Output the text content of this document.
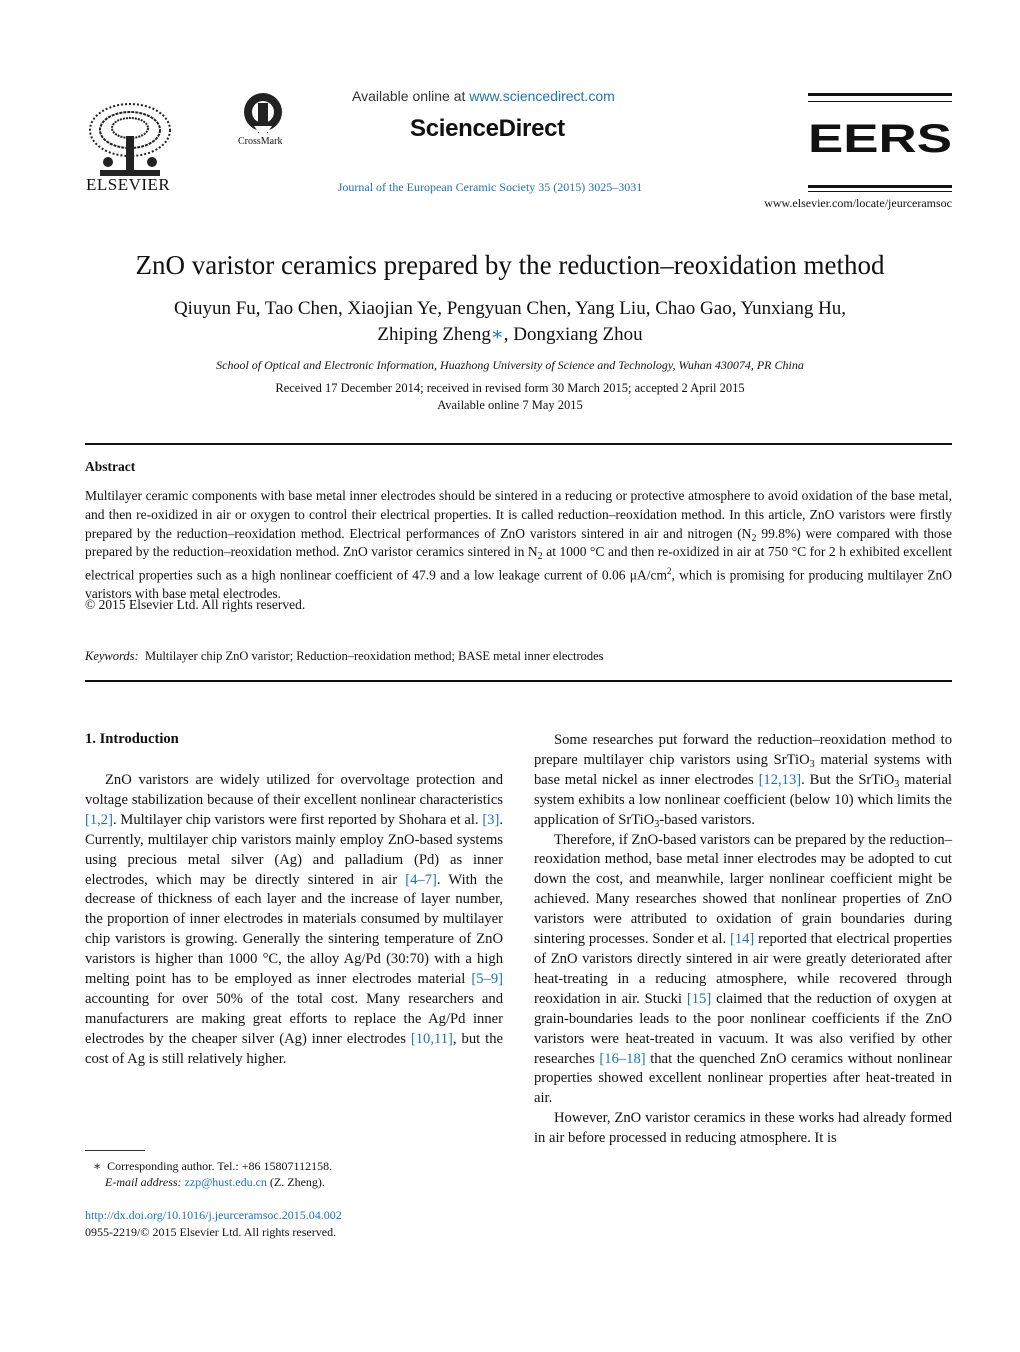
ELSEVIER
CrossMark
Available online at www.sciencedirect.com
ScienceDirect
Journal of the European Ceramic Society 35 (2015) 3025–3031
EERS
www.elsevier.com/locate/jeurceramsoc
ZnO varistor ceramics prepared by the reduction–reoxidation method
Qiuyun Fu, Tao Chen, Xiaojian Ye, Pengyuan Chen, Yang Liu, Chao Gao, Yunxiang Hu,
Zhiping Zheng∗, Dongxiang Zhou
School of Optical and Electronic Information, Huazhong University of Science and Technology, Wuhan 430074, PR China
Received 17 December 2014; received in revised form 30 March 2015; accepted 2 April 2015
Available online 7 May 2015
Abstract

Multilayer ceramic components with base metal inner electrodes should be sintered in a reducing or protective atmosphere to avoid oxidation of the base metal, and then re-oxidized in air or oxygen to control their electrical properties. It is called reduction–reoxidation method. In this article, ZnO varistors were firstly prepared by the reduction–reoxidation method. Electrical performances of ZnO varistors sintered in air and nitrogen ($N_2$ 99.8%) were compared with those prepared by the reduction–reoxidation method. ZnO varistor ceramics sintered in $N_2$ at 1000 °C and then re-oxidized in air at 750 °C for 2 h exhibited excellent electrical properties such as a high nonlinear coefficient of 47.9 and a low leakage current of 0.06 $\mu A/cm^2$, which is promising for producing multilayer ZnO varistors with base metal electrodes.

© 2015 Elsevier Ltd. All rights reserved.
Keywords: Multilayer chip ZnO varistor; Reduction–reoxidation method; BASE metal inner electrodes
1. Introduction

ZnO varistors are widely utilized for overvoltage protection and voltage stabilization because of their excellent nonlinear characteristics [1,2]. Multilayer chip varistors were first reported by Shohara et al. [3]. Currently, multilayer chip varistors mainly employ ZnO-based systems using precious metal silver (Ag) and palladium (Pd) as inner electrodes, which may be directly sintered in air [4–7]. With the decrease of thickness of each layer and the increase of layer number, the proportion of inner electrodes in materials consumed by multilayer chip varistors is growing. Generally the sintering temperature of ZnO varistors is higher than 1000 °C, the alloy Ag/Pd (30:70) with a high melting point has to be employed as inner electrodes material [5–9] accounting for over 50% of the total cost. Many researchers and manufacturers are making great efforts to replace the Ag/Pd inner electrodes by the cheaper silver (Ag) inner electrodes [10,11], but the cost of Ag is still relatively higher.

Some researches put forward the reduction–reoxidation method to prepare multilayer chip varistors using SrTiO$_3$ material systems with base metal nickel as inner electrodes [12,13]. But the SrTiO$_3$ material system exhibits a low nonlinear coefficient (below 10) which limits the application of SrTiO$_3$-based varistors.

Therefore, if ZnO-based varistors can be prepared by the reduction–reoxidation method, base metal inner electrodes may be adopted to cut down the cost, and meanwhile, larger nonlinear coefficient might be achieved. Many researches showed that nonlinear properties of ZnO varistors were attributed to oxidation of grain boundaries during sintering processes. Sonder et al. [14] reported that electrical properties of ZnO varistors directly sintered in air were greatly deteriorated after heat-treating in a reducing atmosphere, while recovered through reoxidation in air. Stucki [15] claimed that the reduction of oxygen at grain-boundaries leads to the poor nonlinear coefficients if the ZnO varistors were heat-treated in vacuum. It was also verified by other researches [16–18] that the quenched ZnO ceramics without nonlinear properties showed excellent nonlinear properties after heat-treated in air.

However, ZnO varistor ceramics in these works had already formed in air before processed in reducing atmosphere. It is

∗ Corresponding author. Tel.: +86 15807112158.
E-mail address: zzp@hust.edu.cn (Z. Zheng).
http://dx.doi.org/10.1016/j.jeurceramsoc.2015.04.002
0955-2219/© 2015 Elsevier Ltd. All rights reserved.
